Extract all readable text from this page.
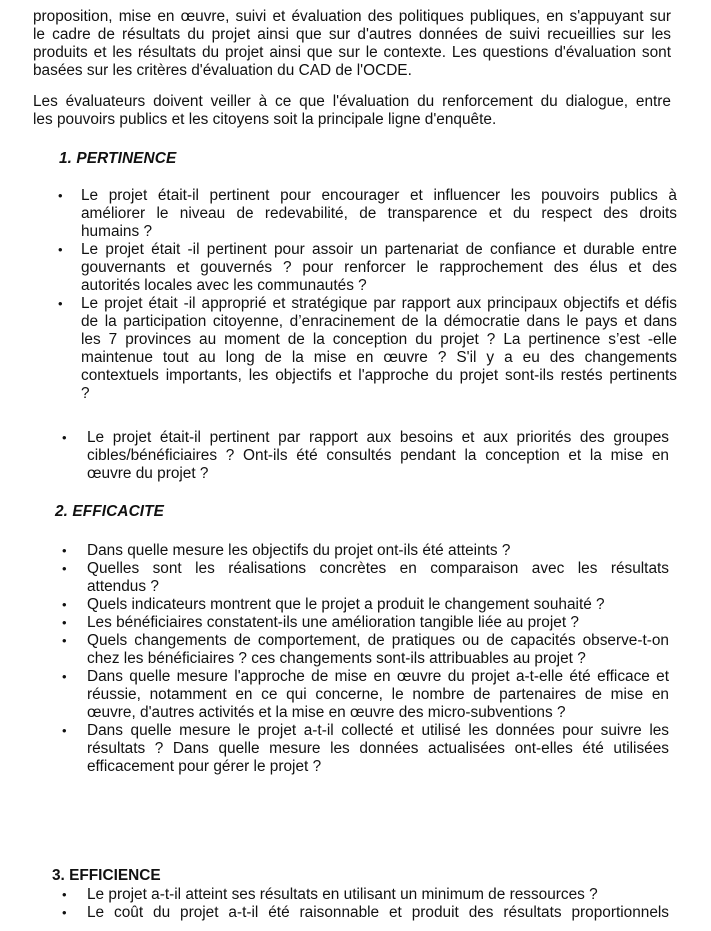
proposition, mise en œuvre, suivi et évaluation des politiques publiques, en s'appuyant sur
le cadre de résultats du projet ainsi que sur d'autres données de suivi recueillies sur les
produits et les résultats du projet ainsi que sur le contexte. Les questions d'évaluation sont
basées sur les critères d'évaluation du CAD de l'OCDE.
Les évaluateurs doivent veiller à ce que l'évaluation du renforcement du dialogue, entre
les pouvoirs publics et les citoyens soit la principale ligne d'enquête.
1. PERTINENCE
• Le projet était-il pertinent pour encourager et influencer les pouvoirs publics à
améliorer le niveau de redevabilité, de transparence et du respect des droits
humains ?
• Le projet était -il pertinent pour assoir un partenariat de confiance et durable entre
gouvernants et gouvernés ? pour renforcer le rapprochement des élus et des
autorités locales avec les communautés ?
• Le projet était -il approprié et stratégique par rapport aux principaux objectifs et défis
de la participation citoyenne, d’enracinement de la démocratie dans le pays et dans
les 7 provinces au moment de la conception du projet ? La pertinence s’est -elle
maintenue tout au long de la mise en œuvre ? S'il y a eu des changements
contextuels importants, les objectifs et l'approche du projet sont-ils restés pertinents
?
• Le projet était-il pertinent par rapport aux besoins et aux priorités des groupes
cibles/bénéficiaires ? Ont-ils été consultés pendant la conception et la mise en
œuvre du projet ?
2. EFFICACITE
• Dans quelle mesure les objectifs du projet ont-ils été atteints ?
• Quelles sont les réalisations concrètes en comparaison avec les résultats
attendus ?
• Quels indicateurs montrent que le projet a produit le changement souhaité ?
• Les bénéficiaires constatent-ils une amélioration tangible liée au projet ?
• Quels changements de comportement, de pratiques ou de capacités observe-t-on
chez les bénéficiaires ? ces changements sont-ils attribuables au projet ?
• Dans quelle mesure l'approche de mise en œuvre du projet a-t-elle été efficace et
réussie, notamment en ce qui concerne, le nombre de partenaires de mise en
œuvre, d'autres activités et la mise en œuvre des micro-subventions ?
• Dans quelle mesure le projet a-t-il collecté et utilisé les données pour suivre les
résultats ? Dans quelle mesure les données actualisées ont-elles été utilisées
efficacement pour gérer le projet ?
3. EFFICIENCE
• Le projet a-t-il atteint ses résultats en utilisant un minimum de ressources ?
• Le coût du projet a-t-il été raisonnable et produit des résultats proportionnels
